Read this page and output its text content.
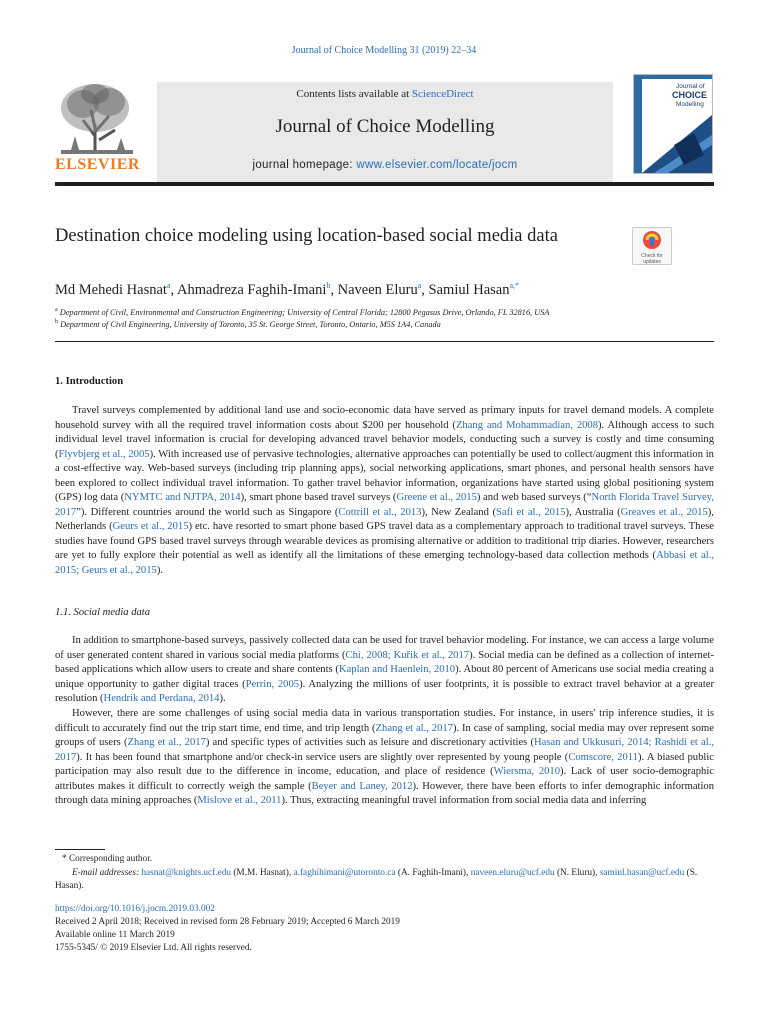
Journal of Choice Modelling 31 (2019) 22–34
ELSEVIER
Contents lists available at ScienceDirect
Journal of Choice Modelling
journal homepage: www.elsevier.com/locate/jocm
Journal of
CHOICE
Modelling
Destination choice modeling using location-based social media data
Check for updates
Md Mehedi Hasnat$^a$, Ahmadreza Faghih-Imani$^b$, Naveen Eluru$^a$, Samiul Hasan$^{a,*}$
$^a$ Department of Civil, Environmental and Construction Engineering; University of Central Florida; 12800 Pegasus Drive, Orlando, FL 32816, USA
$^b$ Department of Civil Engineering, University of Toronto, 35 St. George Street, Toronto, Ontario, M5S 1A4, Canada
1. Introduction
Travel surveys complemented by additional land use and socio-economic data have served as primary inputs for travel demand models. A complete household survey with all the required travel information costs about $200 per household (Zhang and Mohammadian, 2008). Although access to such individual level travel information is crucial for developing advanced travel behavior models, conducting such a survey is costly and time consuming (Flyvbjerg et al., 2005). With increased use of pervasive technologies, alternative approaches can potentially be used to collect/augment this information in a cost-effective way. Web-based surveys (including trip planning apps), social networking applications, smart phones, and personal health sensors have been explored to collect individual travel information. To gather travel behavior information, organizations have started using global positioning system (GPS) log data (NYMTC and NJTPA, 2014), smart phone based travel surveys (Greene et al., 2015) and web based surveys (“North Florida Travel Survey, 2017”). Different countries around the world such as Singapore (Cottrill et al., 2013), New Zealand (Safi et al., 2015), Australia (Greaves et al., 2015), Netherlands (Geurs et al., 2015) etc. have resorted to smart phone based GPS travel data as a complementary approach to traditional travel surveys. These studies have found GPS based travel surveys through wearable devices as promising alternative or addition to traditional trip diaries. However, researchers are yet to fully explore their potential as well as identify all the limitations of these emerging technology-based data collection methods (Abbasi et al., 2015; Geurs et al., 2015).
1.1. Social media data
In addition to smartphone-based surveys, passively collected data can be used for travel behavior modeling. For instance, we can access a large volume of user generated content shared in various social media platforms (Chi, 2008; Kuřik et al., 2017). Social media can be defined as a collection of internet-based applications which allow users to create and share contents (Kaplan and Haenlein, 2010). About 80 percent of Americans use social media creating a unique opportunity to gather digital traces (Perrin, 2005). Analyzing the millions of user footprints, it is possible to extract travel behavior at a greater resolution (Hendrik and Perdana, 2014).
However, there are some challenges of using social media data in various transportation studies. For instance, in users' trip inference studies, it is difficult to accurately find out the trip start time, end time, and trip length (Zhang et al., 2017). In case of sampling, social media may over represent some groups of users (Zhang et al., 2017) and specific types of activities such as leisure and discretionary activities (Hasan and Ukkusuri, 2014; Rashidi et al., 2017). It has been found that smartphone and/or check-in service users are slightly over represented by young people (Comscore, 2011). A biased public participation may also result due to the difference in income, education, and place of residence (Wiersma, 2010). Lack of user socio-demographic attributes makes it difficult to correctly weigh the sample (Beyer and Laney, 2012). However, there have been efforts to infer demographic information through data mining approaches (Mislove et al., 2011). Thus, extracting meaningful travel information from social media data and inferring
* Corresponding author.
E-mail addresses: hasnat@knights.ucf.edu (M.M. Hasnat), a.faghihimani@utoronto.ca (A. Faghih-Imani), naveen.eluru@ucf.edu (N. Eluru), samiul.hasan@ucf.edu (S. Hasan).
https://doi.org/10.1016/j.jocm.2019.03.002
Received 2 April 2018; Received in revised form 28 February 2019; Accepted 6 March 2019
Available online 11 March 2019
1755-5345/ © 2019 Elsevier Ltd. All rights reserved.
